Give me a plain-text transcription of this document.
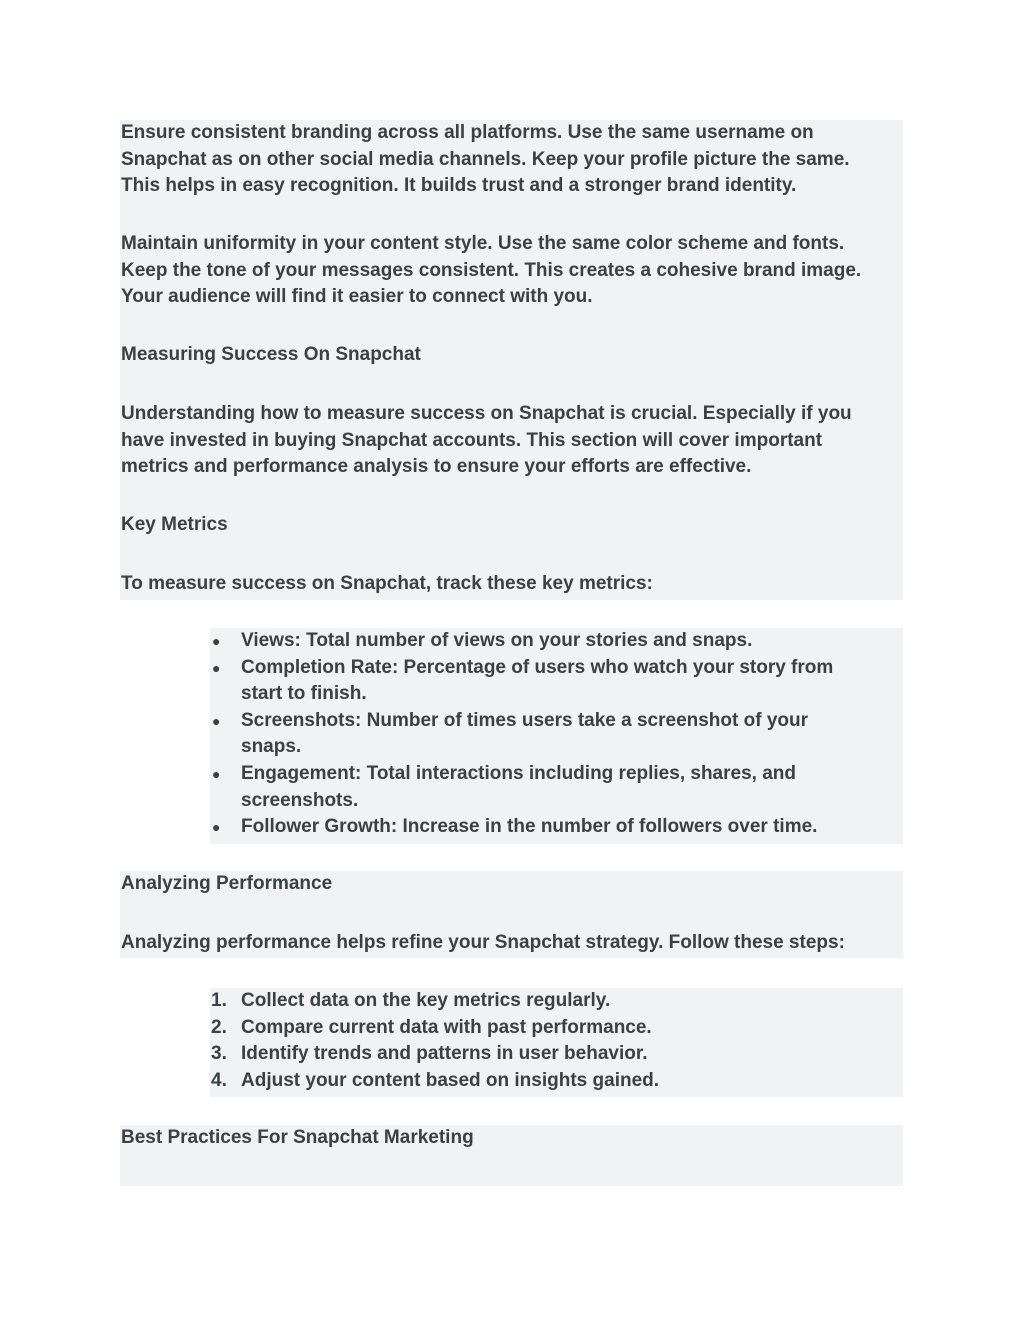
Ensure consistent branding across all platforms. Use the same username on

Snapchat as on other social media channels. Keep your profile picture the same.

This helps in easy recognition. It builds trust and a stronger brand identity.

Maintain uniformity in your content style. Use the same color scheme and fonts.

Keep the tone of your messages consistent. This creates a cohesive brand image.

Your audience will find it easier to connect with you.

Measuring Success On Snapchat

Understanding how to measure success on Snapchat is crucial. Especially if you

have invested in buying Snapchat accounts. This section will cover important

metrics and performance analysis to ensure your efforts are effective.

Key Metrics

To measure success on Snapchat, track these key metrics:

● Views: Total number of views on your stories and snaps.
● Completion Rate: Percentage of users who watch your story from start to finish.
● Screenshots: Number of times users take a screenshot of your snaps.
● Engagement: Total interactions including replies, shares, and screenshots.
● Follower Growth: Increase in the number of followers over time.
Analyzing Performance

Analyzing performance helps refine your Snapchat strategy. Follow these steps:

1. Collect data on the key metrics regularly.
2. Compare current data with past performance.
3. Identify trends and patterns in user behavior.
4. Adjust your content based on insights gained.
Best Practices For Snapchat Marketing
